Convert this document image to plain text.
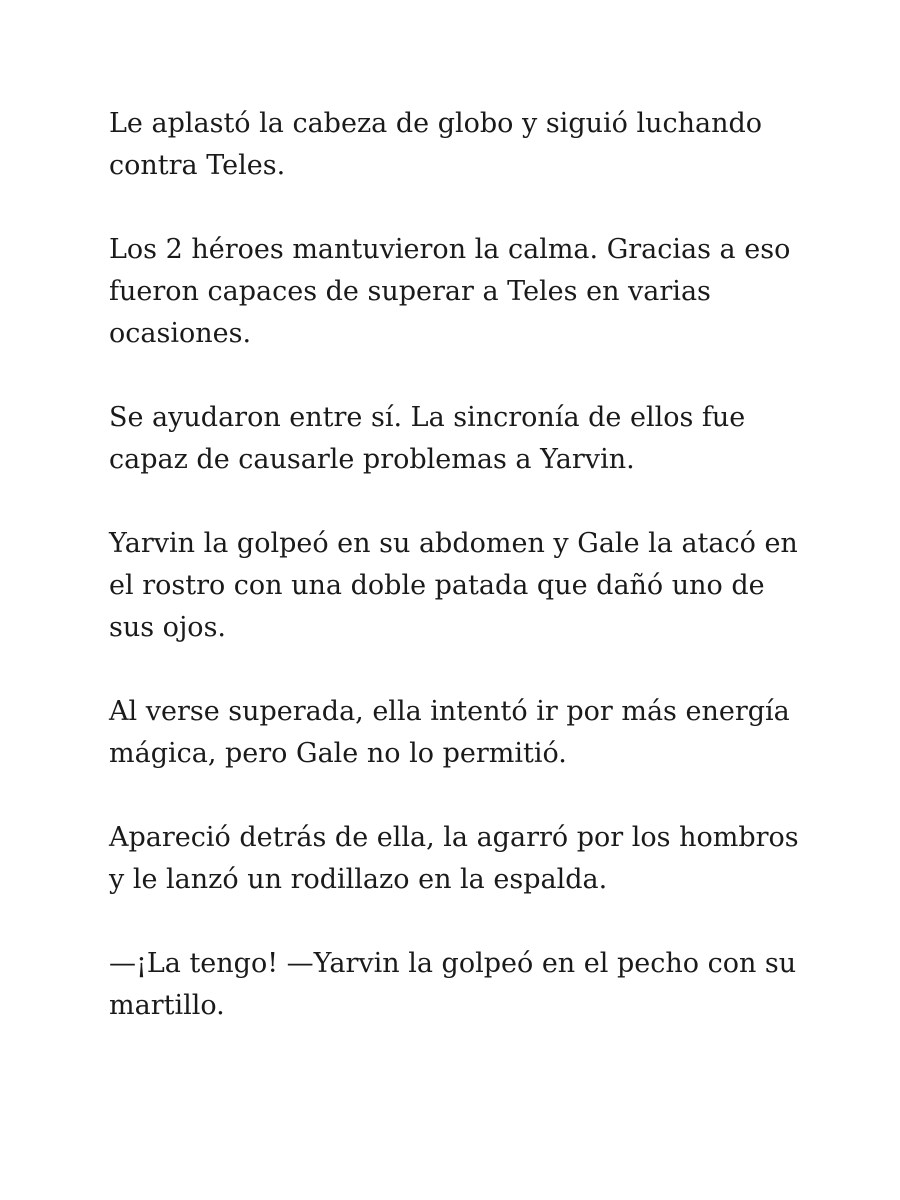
Le aplastó la cabeza de globo y siguió luchando contra Teles.

Los 2 héroes mantuvieron la calma. Gracias a eso fueron capaces de superar a Teles en varias ocasiones.

Se ayudaron entre sí. La sincronía de ellos fue capaz de causarle problemas a Yarvin.

Yarvin la golpeó en su abdomen y Gale la atacó en el rostro con una doble patada que dañó uno de sus ojos.

Al verse superada, ella intentó ir por más energía mágica, pero Gale no lo permitió.

Apareció detrás de ella, la agarró por los hombros y le lanzó un rodillazo en la espalda.

—¡La tengo! —Yarvin la golpeó en el pecho con su martillo.
